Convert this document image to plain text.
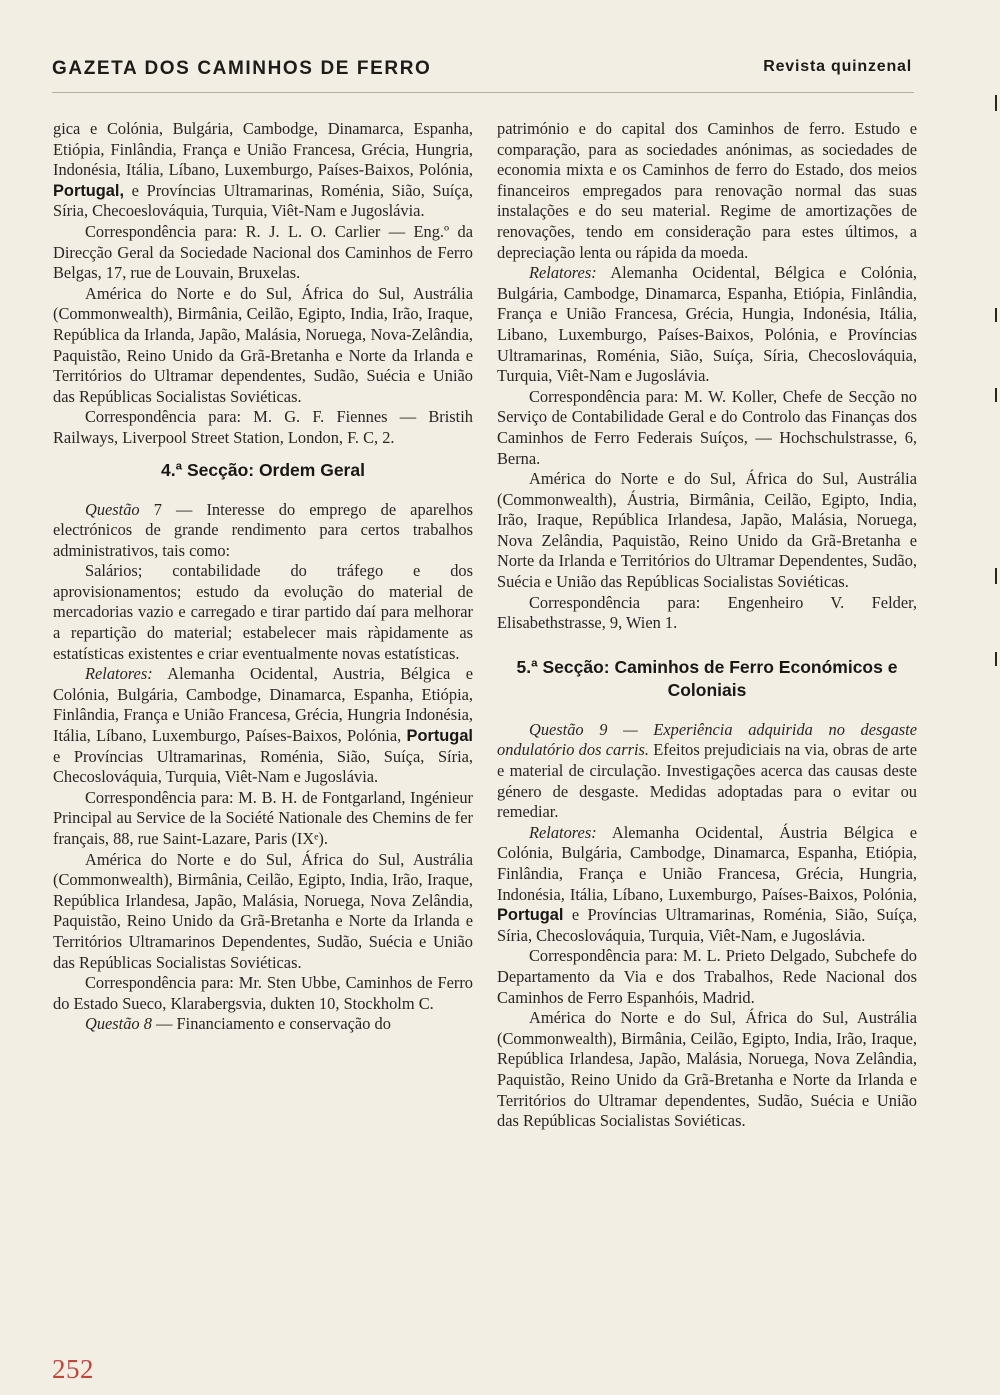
GAZETA DOS CAMINHOS DE FERRO	Revista quinzenal

gica e Colónia, Bulgária, Cambodge, Dinamarca, Espanha, Etiópia, Finlândia, França e União Francesa, Grécia, Hungria, Indonésia, Itália, Líbano, Luxemburgo, Países-Baixos, Polónia, Portugal, e Províncias Ultramarinas, Roménia, Sião, Suíça, Síria, Checoeslováquia, Turquia, Viêt-Nam e Jugoslávia.

Correspondência para: R. J. L. O. Carlier — Eng.º da Direcção Geral da Sociedade Nacional dos Caminhos de Ferro Belgas, 17, rue de Louvain, Bruxelas.

América do Norte e do Sul, África do Sul, Austrália (Commonwealth), Birmânia, Ceilão, Egipto, India, Irão, Iraque, República da Irlanda, Japão, Malásia, Noruega, Nova-Zelândia, Paquistão, Reino Unido da Grã-Bretanha e Norte da Irlanda e Territórios do Ultramar dependentes, Sudão, Suécia e União das Repúblicas Socialistas Soviéticas.

Correspondência para: M. G. F. Fiennes — Bristih Railways, Liverpool Street Station, London, F. C, 2.

4.ª Secção: Ordem Geral

Questão 7 — Interesse do emprego de aparelhos electrónicos de grande rendimento para certos trabalhos administrativos, tais como:

Salários; contabilidade do tráfego e dos aprovisionamentos; estudo da evolução do material de mercadorias vazio e carregado e tirar partido daí para melhorar a repartição do material; estabelecer mais ràpidamente as estatísticas existentes e criar eventualmente novas estatísticas.

Relatores: Alemanha Ocidental, Austria, Bélgica e Colónia, Bulgária, Cambodge, Dinamarca, Espanha, Etiópia, Finlândia, França e União Francesa, Grécia, Hungria Indonésia, Itália, Líbano, Luxemburgo, Países-Baixos, Polónia, Portugal e Províncias Ultramarinas, Roménia, Sião, Suíça, Síria, Checoslováquia, Turquia, Viêt-Nam e Jugoslávia.

Correspondência para: M. B. H. de Fontgarland, Ingénieur Principal au Service de la Société Nationale des Chemins de fer français, 88, rue Saint-Lazare, Paris (IXᵉ).

América do Norte e do Sul, África do Sul, Austrália (Commonwealth), Birmânia, Ceilão, Egipto, India, Irão, Iraque, República Irlandesa, Japão, Malásia, Noruega, Nova Zelândia, Paquistão, Reino Unido da Grã-Bretanha e Norte da Irlanda e Territórios Ultramarinos Dependentes, Sudão, Suécia e União das Repúblicas Socialistas Soviéticas.

Correspondência para: Mr. Sten Ubbe, Caminhos de Ferro do Estado Sueco, Klarabergsvia, dukten 10, Stockholm C.

Questão 8 — Financiamento e conservação do

património e do capital dos Caminhos de ferro. Estudo e comparação, para as sociedades anónimas, as sociedades de economia mixta e os Caminhos de ferro do Estado, dos meios financeiros empregados para renovação normal das suas instalações e do seu material. Regime de amortizações de renovações, tendo em consideração para estes últimos, a depreciação lenta ou rápida da moeda.

Relatores: Alemanha Ocidental, Bélgica e Colónia, Bulgária, Cambodge, Dinamarca, Espanha, Etiópia, Finlândia, França e União Francesa, Grécia, Hungia, Indonésia, Itália, Libano, Luxemburgo, Países-Baixos, Polónia, e Províncias Ultramarinas, Roménia, Sião, Suíça, Síria, Checoslováquia, Turquia, Viêt-Nam e Jugoslávia.

Correspondência para: M. W. Koller, Chefe de Secção no Serviço de Contabilidade Geral e do Controlo das Finanças dos Caminhos de Ferro Federais Suíços, — Hochschulstrasse, 6, Berna.

América do Norte e do Sul, África do Sul, Austrália (Commonwealth), Áustria, Birmânia, Ceilão, Egipto, India, Irão, Iraque, República Irlandesa, Japão, Malásia, Noruega, Nova Zelândia, Paquistão, Reino Unido da Grã-Bretanha e Norte da Irlanda e Territórios do Ultramar Dependentes, Sudão, Suécia e União das Repúblicas Socialistas Soviéticas.

Correspondência para: Engenheiro V. Felder, Elisabethstrasse, 9, Wien 1.

5.ª Secção: Caminhos de Ferro Económicos e Coloniais

Questão 9 — Experiência adquirida no desgaste ondulatório dos carris. Efeitos prejudiciais na via, obras de arte e material de circulação. Investigações acerca das causas deste género de desgaste. Medidas adoptadas para o evitar ou remediar.

Relatores: Alemanha Ocidental, Áustria Bélgica e Colónia, Bulgária, Cambodge, Dinamarca, Espanha, Etiópia, Finlândia, França e União Francesa, Grécia, Hungria, Indonésia, Itália, Líbano, Luxemburgo, Países-Baixos, Polónia, Portugal e Províncias Ultramarinas, Roménia, Sião, Suíça, Síria, Checoslováquia, Turquia, Viêt-Nam, e Jugoslávia.

Correspondência para: M. L. Prieto Delgado, Subchefe do Departamento da Via e dos Trabalhos, Rede Nacional dos Caminhos de Ferro Espanhóis, Madrid.

América do Norte e do Sul, África do Sul, Austrália (Commonwealth), Birmânia, Ceilão, Egipto, India, Irão, Iraque, República Irlandesa, Japão, Malásia, Noruega, Nova Zelândia, Paquistão, Reino Unido da Grã-Bretanha e Norte da Irlanda e Territórios do Ultramar dependentes, Sudão, Suécia e União das Repúblicas Socialistas Soviéticas.

252
